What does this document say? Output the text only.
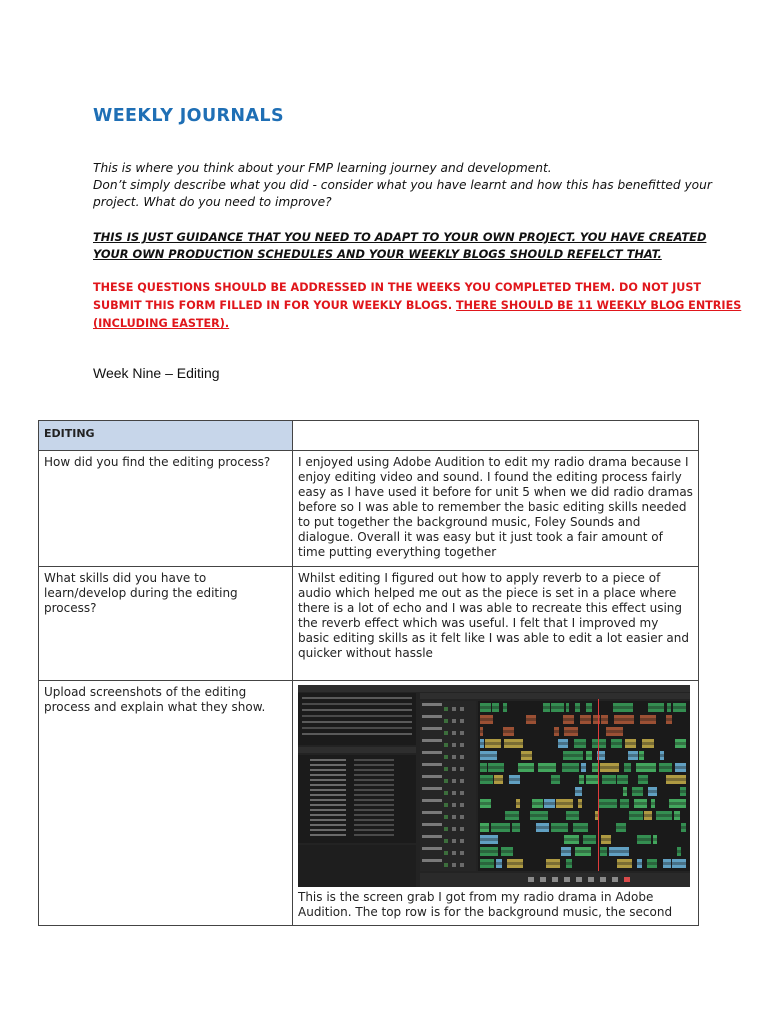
WEEKLY JOURNALS

This is where you think about your FMP learning journey and development.

Don’t simply describe what you did - consider what you have learnt and how this has benefitted your project. What do you need to improve?

THIS IS JUST GUIDANCE THAT YOU NEED TO ADAPT TO YOUR OWN PROJECT. YOU HAVE CREATED YOUR OWN PRODUCTION SCHEDULES AND YOUR WEEKLY BLOGS SHOULD REFELCT THAT.
THESE QUESTIONS SHOULD BE ADDRESSED IN THE WEEKS YOU COMPLETED THEM. DO NOT JUST SUBMIT THIS FORM FILLED IN FOR YOUR WEEKLY BLOGS. THERE SHOULD BE 11 WEEKLY BLOG ENTRIES (INCLUDING EASTER).
Week Nine – Editing
EDITING	
How did you find the editing process?	I enjoyed using Adobe Audition to edit my radio drama because I enjoy editing video and sound. I found the editing process fairly easy as I have used it before for unit 5 when we did radio dramas before so I was able to remember the basic editing skills needed to put together the background music, Foley Sounds and dialogue. Overall it was easy but it just took a fair amount of time putting everything together
What skills did you have to learn/develop during the editing process?	Whilst editing I figured out how to apply reverb to a piece of audio which helped me out as the piece is set in a place where there is a lot of echo and I was able to recreate this effect using the reverb effect which was useful. I felt that I improved my basic editing skills as it felt like I was able to edit a lot easier and quicker without hassle
Upload screenshots of the editing process and explain what they show.	This is the screen grab I got from my radio drama in Adobe Audition. The top row is for the background music, the second
